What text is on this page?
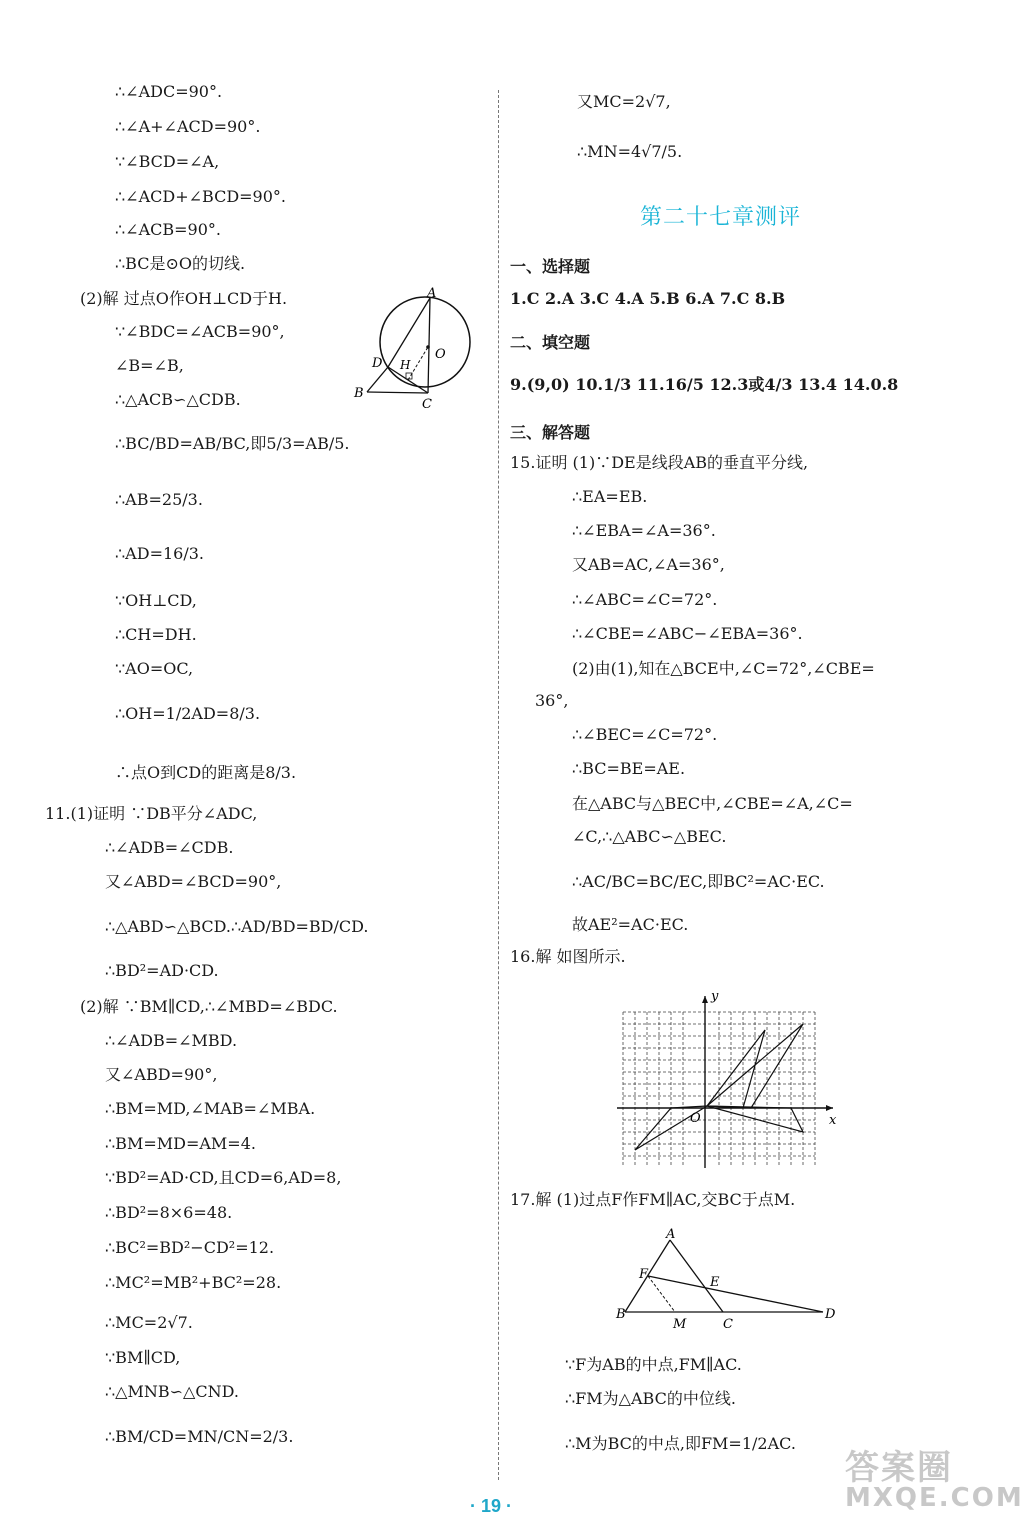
∴∠ADC=90°.
∴∠A+∠ACD=90°.
∵∠BCD=∠A,
∴∠ACD+∠BCD=90°.
∴∠ACB=90°.
∴BC是⊙O的切线.
(2)解 过点O作OH⊥CD于H.
∵∠BDC=∠ACB=90°,
∠B=∠B,
∴△ACB∽△CDB.
∴BC/BD=AB/BC,即5/3=AB/5.
∴AB=25/3.
∴AD=16/3.
∵OH⊥CD,
∴CH=DH.
∵AO=OC,
∴OH=1/2AD=8/3.
∴点O到CD的距离是8/3.
11.(1)证明 ∵DB平分∠ADC,
∴∠ADB=∠CDB.
又∠ABD=∠BCD=90°,
∴△ABD∽△BCD.∴AD/BD=BD/CD.
∴BD²=AD·CD.
(2)解 ∵BM∥CD,∴∠MBD=∠BDC.
∴∠ADB=∠MBD.
又∠ABD=90°,
∴BM=MD,∠MAB=∠MBA.
∴BM=MD=AM=4.
∵BD²=AD·CD,且CD=6,AD=8,
∴BD²=8×6=48.
∴BC²=BD²−CD²=12.
∴MC²=MB²+BC²=28.
∴MC=2√7.
∵BM∥CD,
∴△MNB∽△CND.
∴BM/CD=MN/CN=2/3.
A
O
D H
B
C
又MC=2√7,
∴MN=4√7/5.
第二十七章测评
一、选择题
1.C 2.A 3.C 4.A 5.B 6.A 7.C 8.B
二、填空题
9.(9,0) 10.1/3 11.16/5 12.3或4/3 13.4 14.0.8
三、解答题
15.证明 (1)∵DE是线段AB的垂直平分线,
∴EA=EB.
∴∠EBA=∠A=36°.
又AB=AC,∠A=36°,
∴∠ABC=∠C=72°.
∴∠CBE=∠ABC−∠EBA=36°.
(2)由(1),知在△BCE中,∠C=72°,∠CBE=
36°,
∴∠BEC=∠C=72°.
∴BC=BE=AE.
在△ABC与△BEC中,∠CBE=∠A,∠C=
∠C,∴△ABC∽△BEC.
∴AC/BC=BC/EC,即BC²=AC·EC.
故AE²=AC·EC.
16.解 如图所示.
y
x
O
17.解 (1)过点F作FM∥AC,交BC于点M.
A
F
E
B
M	C
D
∵F为AB的中点,FM∥AC.
∴FM为△ABC的中位线.
∴M为BC的中点,即FM=1/2AC.
· 19 ·
答案圈
MXQE.COM
